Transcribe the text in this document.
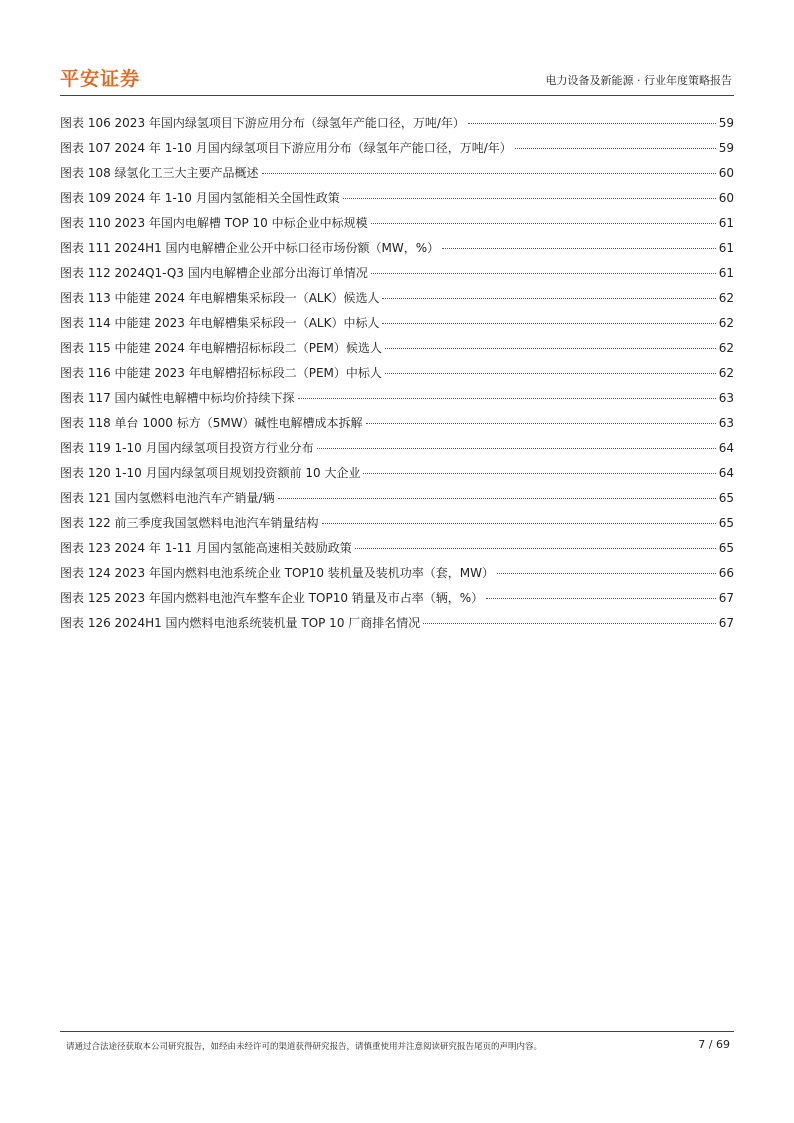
平安证券	电力设备及新能源 · 行业年度策略报告
图表 106 2023 年国内绿氢项目下游应用分布（绿氢年产能口径，万吨/年）	59
图表 107 2024 年 1-10 月国内绿氢项目下游应用分布（绿氢年产能口径，万吨/年）	59
图表 108 绿氢化工三大主要产品概述	60
图表 109 2024 年 1-10 月国内氢能相关全国性政策	60
图表 110 2023 年国内电解槽 TOP 10 中标企业中标规模	61
图表 111 2024H1 国内电解槽企业公开中标口径市场份额（MW，%）	61
图表 112 2024Q1-Q3 国内电解槽企业部分出海订单情况	61
图表 113 中能建 2024 年电解槽集采标段一（ALK）候选人	62
图表 114 中能建 2023 年电解槽集采标段一（ALK）中标人	62
图表 115 中能建 2024 年电解槽招标标段二（PEM）候选人	62
图表 116 中能建 2023 年电解槽招标标段二（PEM）中标人	62
图表 117 国内碱性电解槽中标均价持续下探	63
图表 118 单台 1000 标方（5MW）碱性电解槽成本拆解	63
图表 119 1-10 月国内绿氢项目投资方行业分布	64
图表 120 1-10 月国内绿氢项目规划投资额前 10 大企业	64
图表 121 国内氢燃料电池汽车产销量/辆	65
图表 122 前三季度我国氢燃料电池汽车销量结构	65
图表 123 2024 年 1-11 月国内氢能高速相关鼓励政策	65
图表 124 2023 年国内燃料电池系统企业 TOP10 装机量及装机功率（套，MW）	66
图表 125 2023 年国内燃料电池汽车整车企业 TOP10 销量及市占率（辆，%）	67
图表 126 2024H1 国内燃料电池系统装机量 TOP 10 厂商排名情况	67
请通过合法途径获取本公司研究报告，如经由未经许可的渠道获得研究报告，请慎重使用并注意阅读研究报告尾页的声明内容。	7 / 69
